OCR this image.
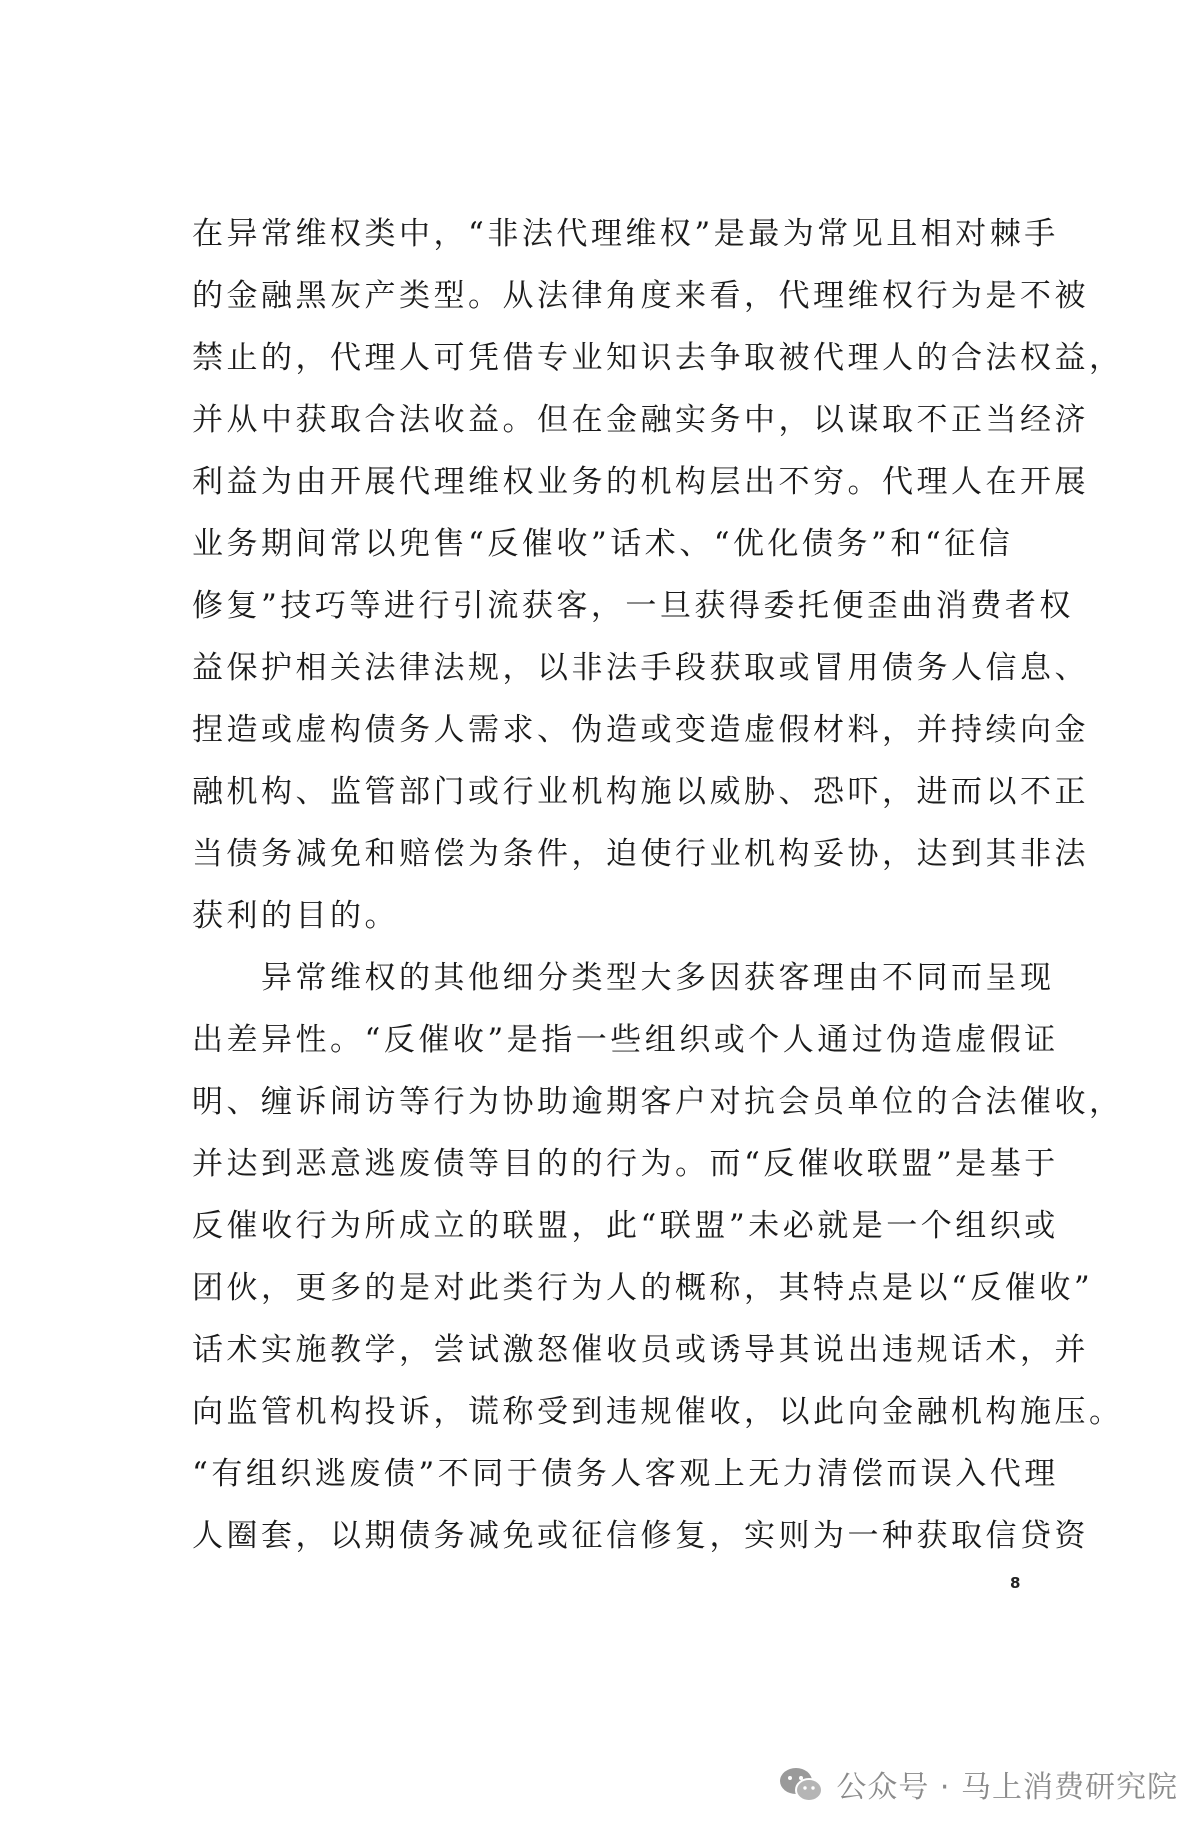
在异常维权类中，“非法代理维权”是最为常见且相对棘手
的金融黑灰产类型。从法律角度来看，代理维权行为是不被
禁止的，代理人可凭借专业知识去争取被代理人的合法权益，
并从中获取合法收益。但在金融实务中，以谋取不正当经济
利益为由开展代理维权业务的机构层出不穷。代理人在开展
业务期间常以兜售“反催收”话术、“优化债务”和“征信
修复”技巧等进行引流获客，一旦获得委托便歪曲消费者权
益保护相关法律法规，以非法手段获取或冒用债务人信息、
捏造或虚构债务人需求、伪造或变造虚假材料，并持续向金
融机构、监管部门或行业机构施以威胁、恐吓，进而以不正
当债务减免和赔偿为条件，迫使行业机构妥协，达到其非法
获利的目的。
　　异常维权的其他细分类型大多因获客理由不同而呈现
出差异性。“反催收”是指一些组织或个人通过伪造虚假证
明、缠诉闹访等行为协助逾期客户对抗会员单位的合法催收，
并达到恶意逃废债等目的的行为。而“反催收联盟”是基于
反催收行为所成立的联盟，此“联盟”未必就是一个组织或
团伙，更多的是对此类行为人的概称，其特点是以“反催收”
话术实施教学，尝试激怒催收员或诱导其说出违规话术，并
向监管机构投诉，谎称受到违规催收，以此向金融机构施压。
“有组织逃废债”不同于债务人客观上无力清偿而误入代理
人圈套，以期债务减免或征信修复，实则为一种获取信贷资
8
公众号 · 马上消费研究院
